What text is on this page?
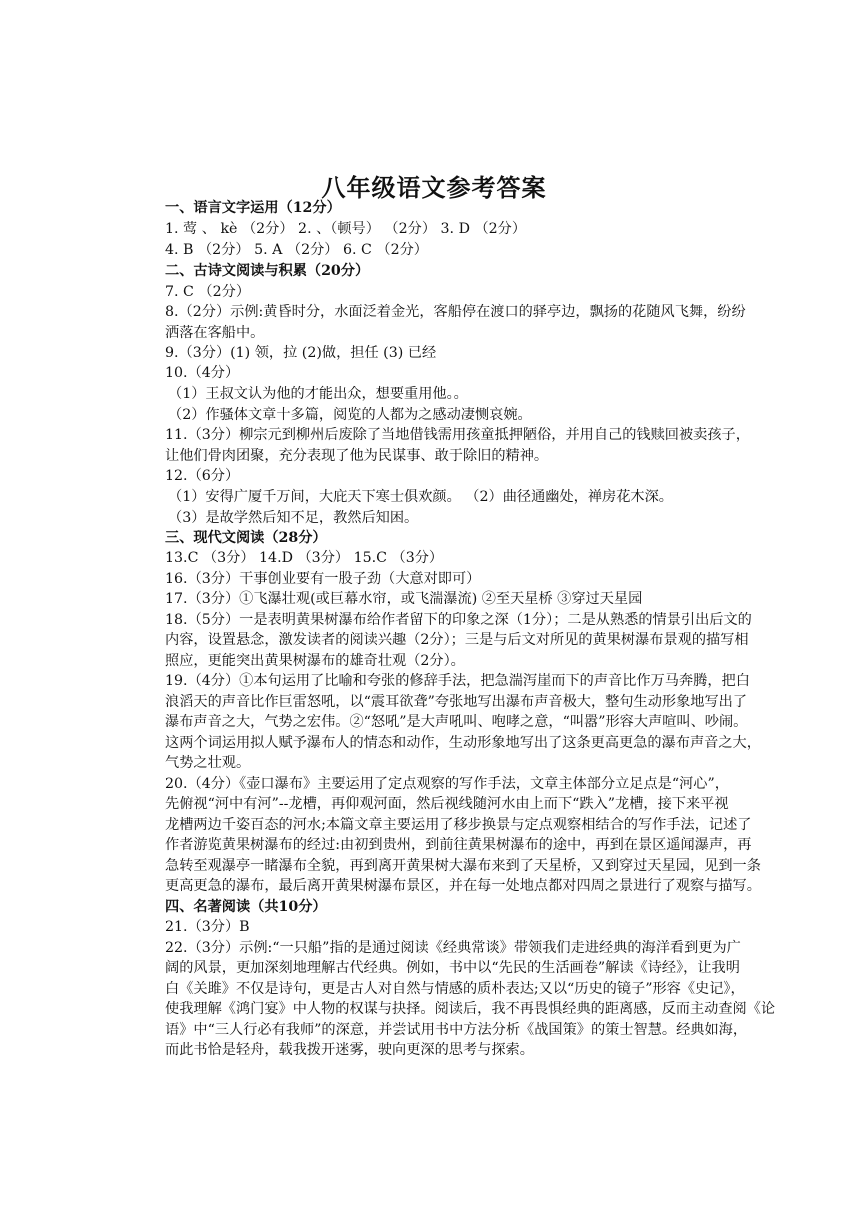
八年级语文参考答案
一、语言文字运用（12分）
1. 莺 、 kè （2分） 2. 、（顿号） （2分） 3. D （2分）
4. B （2分） 5. A （2分） 6. C （2分）
二、古诗文阅读与积累（20分）
7. C （2分）
8.（2分）示例:黄昏时分，水面泛着金光，客船停在渡口的驿亭边，飘扬的花随风飞舞，纷纷
洒落在客船中。
9.（3分）(1) 领，拉 (2)做，担任 (3) 已经
10.（4分）
（1）王叔文认为他的才能出众，想要重用他。。
（2）作骚体文章十多篇，阅览的人都为之感动凄恻哀婉。
11.（3分）柳宗元到柳州后废除了当地借钱需用孩童抵押陋俗，并用自己的钱赎回被卖孩子，
让他们骨肉团聚，充分表现了他为民谋事、敢于除旧的精神。
12.（6分）
（1）安得广厦千万间，大庇天下寒士俱欢颜。 （2）曲径通幽处，禅房花木深。
（3）是故学然后知不足，教然后知困。
三、现代文阅读（28分）
13.C （3分） 14.D （3分） 15.C （3分）
16.（3分）干事创业要有一股子劲（大意对即可）
17.（3分）①飞瀑壮观(或巨幕水帘，或飞湍瀑流) ②至天星桥 ③穿过天星园
18.（5分）一是表明黄果树瀑布给作者留下的印象之深（1分）；二是从熟悉的情景引出后文的
内容，设置悬念，激发读者的阅读兴趣（2分）；三是与后文对所见的黄果树瀑布景观的描写相
照应，更能突出黄果树瀑布的雄奇壮观（2分）。
19.（4分）①本句运用了比喻和夸张的修辞手法，把急湍泻崖而下的声音比作万马奔腾，把白
浪滔天的声音比作巨雷怒吼，以“震耳欲聋”夸张地写出瀑布声音极大，整句生动形象地写出了
瀑布声音之大，气势之宏伟。②“怒吼”是大声吼叫、咆哮之意，“叫嚣”形容大声喧叫、吵闹。
这两个词运用拟人赋予瀑布人的情态和动作，生动形象地写出了这条更高更急的瀑布声音之大，
气势之壮观。
20.（4分）《壶口瀑布》主要运用了定点观察的写作手法，文章主体部分立足点是“河心”，
先俯视“河中有河”--龙槽，再仰观河面，然后视线随河水由上而下“跌入”龙槽，接下来平视
龙槽两边千姿百态的河水;本篇文章主要运用了移步换景与定点观察相结合的写作手法，记述了
作者游览黄果树瀑布的经过:由初到贵州，到前往黄果树瀑布的途中，再到在景区遥闻瀑声，再
急转至观瀑亭一睹瀑布全貌，再到离开黄果树大瀑布来到了天星桥，又到穿过天星园，见到一条
更高更急的瀑布，最后离开黄果树瀑布景区，并在每一处地点都对四周之景进行了观察与描写。
四、名著阅读（共10分）
21.（3分）B
22.（3分）示例:“一只船”指的是通过阅读《经典常谈》带领我们走进经典的海洋看到更为广
阔的风景，更加深刻地理解古代经典。例如，书中以“先民的生活画卷”解读《诗经》，让我明
白《关雎》不仅是诗句，更是古人对自然与情感的质朴表达;又以“历史的镜子”形容《史记》，
使我理解《鸿门宴》中人物的权谋与抉择。阅读后，我不再畏惧经典的距离感，反而主动查阅《论
语》中“三人行必有我师”的深意，并尝试用书中方法分析《战国策》的策士智慧。经典如海，
而此书恰是轻舟，载我拨开迷雾，驶向更深的思考与探索。
